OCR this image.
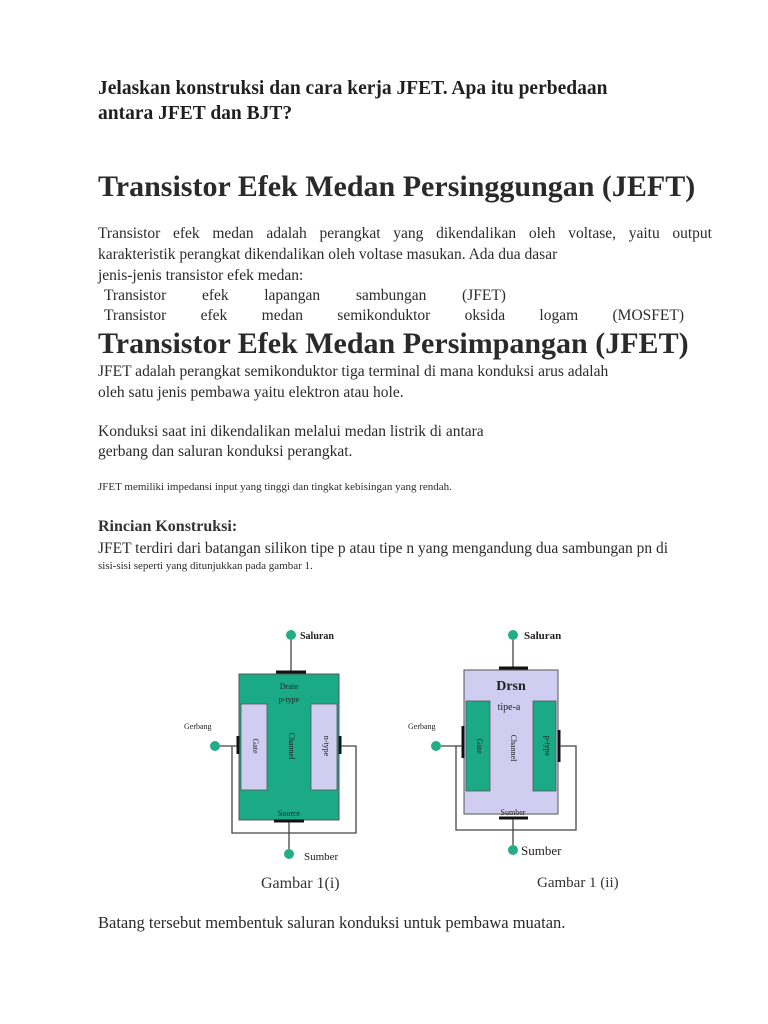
Jelaskan konstruksi dan cara kerja JFET. Apa itu perbedaan antara JFET dan BJT?

Transistor Efek Medan Persinggungan (JEFT)
Transistor efek medan adalah perangkat yang dikendalikan oleh voltase, yaitu output
karakteristik perangkat dikendalikan oleh voltase masukan. Ada dua dasar
jenis-jenis transistor efek medan:
Transistor efek lapangan sambungan (JFET)
Transistor efek medan semikonduktor oksida logam (MOSFET)
Transistor Efek Medan Persimpangan (JFET)
JFET adalah perangkat semikonduktor tiga terminal di mana konduksi arus adalah
oleh satu jenis pembawa yaitu elektron atau hole.
Konduksi saat ini dikendalikan melalui medan listrik di antara
gerbang dan saluran konduksi perangkat.
JFET memiliki impedansi input yang tinggi dan tingkat kebisingan yang rendah.
Rincian Konstruksi:
JFET terdiri dari batangan silikon tipe p atau tipe n yang mengandung dua sambungan pn di
sisi-sisi seperti yang ditunjukkan pada gambar 1.
Saluran
Drain
p-type
Gate	Channel	n-type
Gerbang
Source
Sumber
Gambar 1(i)
Saluran
Drsn
tipe-a
Gate	Channel	p-type
Gerbang
Sumber
Sumber
Gambar 1 (ii)
Batang tersebut membentuk saluran konduksi untuk pembawa muatan.
